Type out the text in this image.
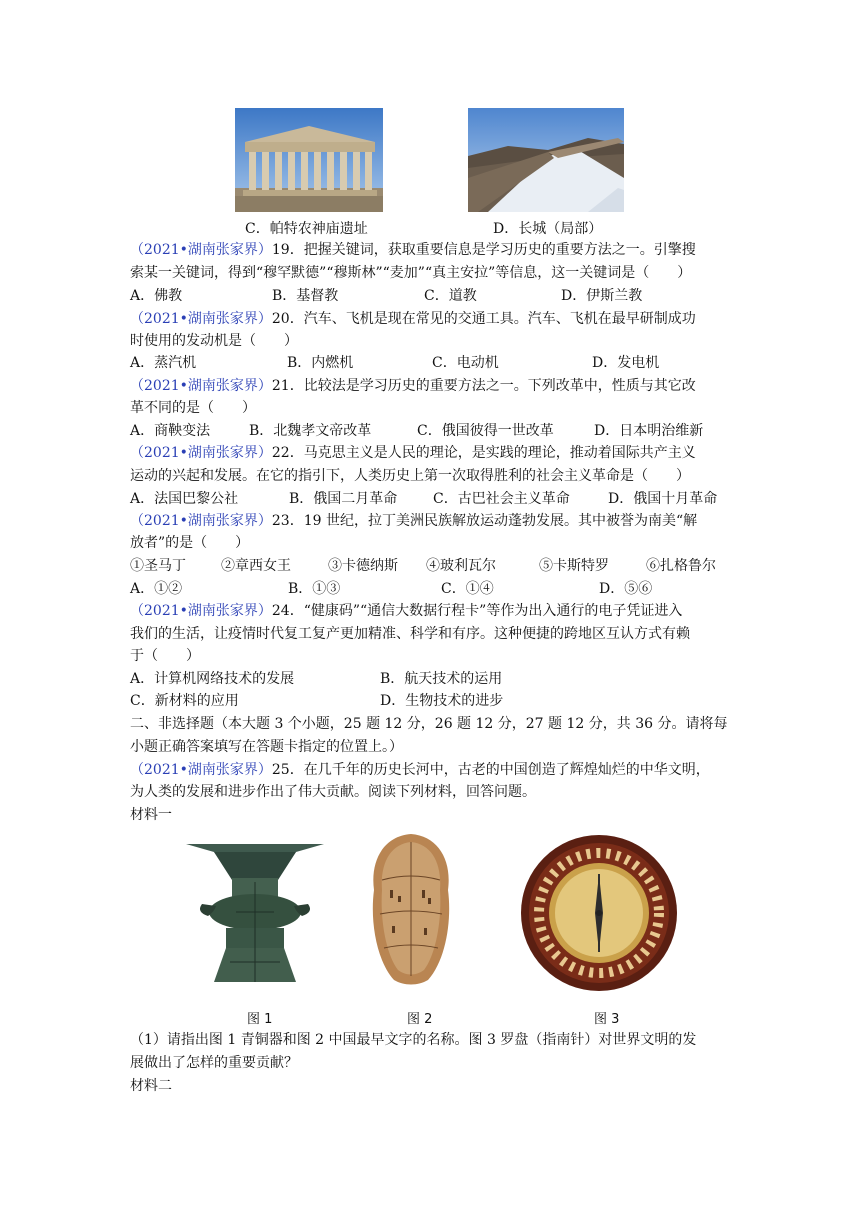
C．帕特农神庙遗址	D．长城（局部）
（2021•湖南张家界）19．把握关键词，获取重要信息是学习历史的重要方法之一。引擎搜
索某一关键词，得到“穆罕默德”“穆斯林”“麦加”“真主安拉”等信息，这一关键词是（　　）
A．佛教	B．基督教	C．道教	D．伊斯兰教
（2021•湖南张家界）20．汽车、飞机是现在常见的交通工具。汽车、飞机在最早研制成功
时使用的发动机是（　　）
A．蒸汽机	B．内燃机	C．电动机	D．发电机
（2021•湖南张家界）21．比较法是学习历史的重要方法之一。下列改革中，性质与其它改
革不同的是（　　）
A．商鞅变法	B．北魏孝文帝改革	C．俄国彼得一世改革	D．日本明治维新
（2021•湖南张家界）22．马克思主义是人民的理论，是实践的理论，推动着国际共产主义
运动的兴起和发展。在它的指引下，人类历史上第一次取得胜利的社会主义革命是（　　）
A．法国巴黎公社	B．俄国二月革命	C．古巴社会主义革命	D．俄国十月革命
（2021•湖南张家界）23．19 世纪，拉丁美洲民族解放运动蓬勃发展。其中被誉为南美“解
放者”的是（　　）
①圣马丁	②章西女王	③卡德纳斯 ④玻利瓦尔	⑤卡斯特罗	⑥扎格鲁尔
A．①②	B．①③	C．①④	D．⑤⑥
（2021•湖南张家界）24．“健康码”“通信大数据行程卡”等作为出入通行的电子凭证进入
我们的生活，让疫情时代复工复产更加精准、科学和有序。这种便捷的跨地区互认方式有赖
于（　　）
A．计算机网络技术的发展	B．航天技术的运用
C．新材料的应用	D．生物技术的进步
二、非选择题（本大题 3 个小题，25 题 12 分，26 题 12 分，27 题 12 分，共 36 分。请将每
小题正确答案填写在答题卡指定的位置上。）
（2021•湖南张家界）25．在几千年的历史长河中，古老的中国创造了辉煌灿烂的中华文明，
为人类的发展和进步作出了伟大贡献。阅读下列材料，回答问题。
材料一
图 1	图 2	图 3
（1）请指出图 1 青铜器和图 2 中国最早文字的名称。图 3 罗盘（指南针）对世界文明的发
展做出了怎样的重要贡献？
材料二
